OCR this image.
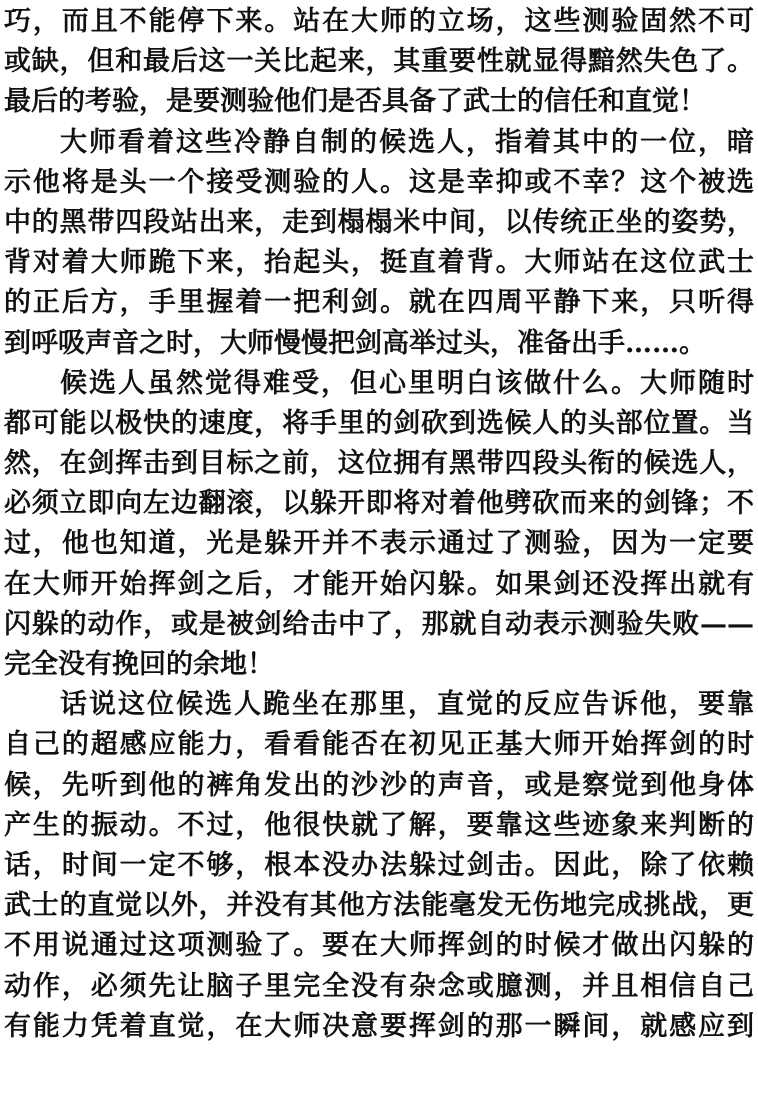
巧，而且不能停下来。站在大师的立场，这些测验固然不可
或缺，但和最后这一关比起来，其重要性就显得黯然失色了。
最后的考验，是要测验他们是否具备了武士的信任和直觉！
大师看着这些冷静自制的候选人，指着其中的一位，暗
示他将是头一个接受测验的人。这是幸抑或不幸？这个被选
中的黑带四段站出来，走到榻榻米中间，以传统正坐的姿势，
背对着大师跪下来，抬起头，挺直着背。大师站在这位武士
的正后方，手里握着一把利剑。就在四周平静下来，只听得
到呼吸声音之时，大师慢慢把剑高举过头，准备出手……。
候选人虽然觉得难受，但心里明白该做什么。大师随时
都可能以极快的速度，将手里的剑砍到选候人的头部位置。当
然，在剑挥击到目标之前，这位拥有黑带四段头衔的候选人，
必须立即向左边翻滚，以躲开即将对着他劈砍而来的剑锋；不
过，他也知道，光是躲开并不表示通过了测验，因为一定要
在大师开始挥剑之后，才能开始闪躲。如果剑还没挥出就有
闪躲的动作，或是被剑给击中了，那就自动表示测验失败——
完全没有挽回的余地！
话说这位候选人跪坐在那里，直觉的反应告诉他，要靠
自己的超感应能力，看看能否在初见正基大师开始挥剑的时
候，先听到他的裤角发出的沙沙的声音，或是察觉到他身体
产生的振动。不过，他很快就了解，要靠这些迹象来判断的
话，时间一定不够，根本没办法躲过剑击。因此，除了依赖
武士的直觉以外，并没有其他方法能毫发无伤地完成挑战，更
不用说通过这项测验了。要在大师挥剑的时候才做出闪躲的
动作，必须先让脑子里完全没有杂念或臆测，并且相信自己
有能力凭着直觉，在大师决意要挥剑的那一瞬间，就感应到
